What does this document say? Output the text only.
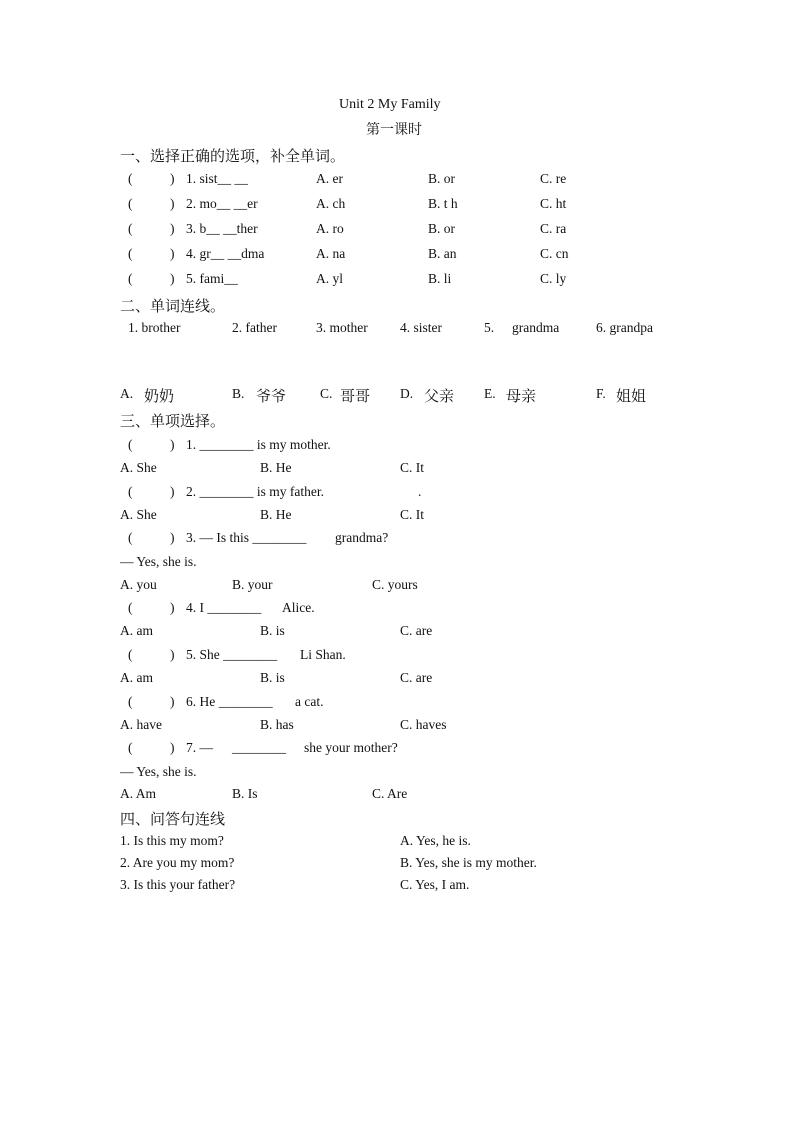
Unit 2 My Family
第一课时
一、选择正确的选项，补全单词。
(	) 1. sist__ __	A. er	B. or	C. re
(	) 2. mo__ __er	A. ch	B. t h	C. ht
(	) 3. b__ __ther	A. ro	B. or	C. ra
(	) 4. gr__ __dma	A. na	B. an	C. cn
(	) 5. fami__	A. yl	B. li	C. ly
二、单词连线。
1. brother	2. father	3. mother 4. sister	5. grandma	6. grandpa
A. 奶奶	B. 爷爷	C. 哥哥 D. 父亲 E. 母亲	F. 姐姐
三、单项选择。
(	) 1. ________ is my mother.
A. She	B. He	C. It
(	) 2. ________ is my father.	.
A. She	B. He	C. It
(	) 3. — Is this ________ grandma?
— Yes, she is.
A. you	B. your	C. yours
(	) 4. I ________ Alice.
A. am	B. is	C. are
(	) 5. She ________ Li Shan.
A. am	B. is	C. are
(	) 6. He ________ a cat.
A. have	B. has	C. haves
(	) 7. — ________ she your mother?
— Yes, she is.
A. Am	B. Is	C. Are
四、问答句连线
1. Is this my mom?	A. Yes, he is.
2. Are you my mom?	B. Yes, she is my mother.
3. Is this your father?	C. Yes, I am.
